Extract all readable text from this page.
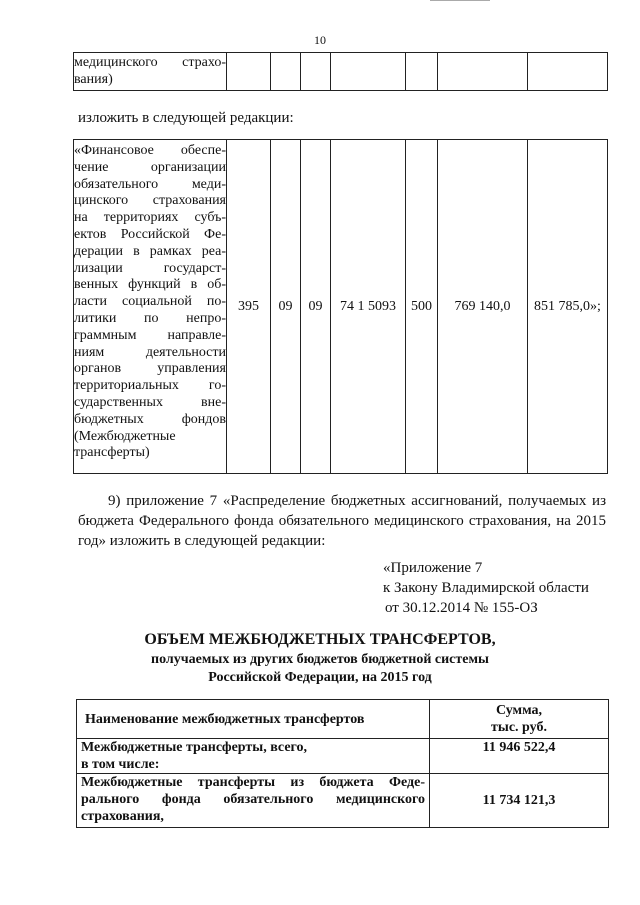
10
медицинского страхо-
вания)

изложить в следующей редакции:
«Финансовое обеспе-
чение организации
обязательного меди-
цинского страхования
на территориях субъ-
ектов Российской Фе-
дерации в рамках реа-
лизации государст-
венных функций в об-
ласти социальной по-
литики по непро-
граммным направле-
ниям деятельности
органов управления
территориальных го-
сударственных вне-
бюджетных фондов
(Межбюджетные
трансферты)
	395	09	09	74 1 5093	500	769 140,0	851 785,0»;
9) приложение 7 «Распределение бюджетных ассигнований, получаемых из
бюджета Федерального фонда обязательного медицинского страхования, на 2015
год» изложить в следующей редакции:
«Приложение 7
к Закону Владимирской области
от 30.12.2014 № 155-ОЗ
ОБЪЕМ МЕЖБЮДЖЕТНЫХ ТРАНСФЕРТОВ,
получаемых из других бюджетов бюджетной системы
Российской Федерации, на 2015 год
Наименование межбюджетных трансфертов	Сумма,
тыс. руб.

Межбюджетные трансферты, всего,
в том числе:	11 946 522,4

Межбюджетные трансферты из бюджета Феде-
рального фонда обязательного медицинского
страхования,	11 734 121,3
